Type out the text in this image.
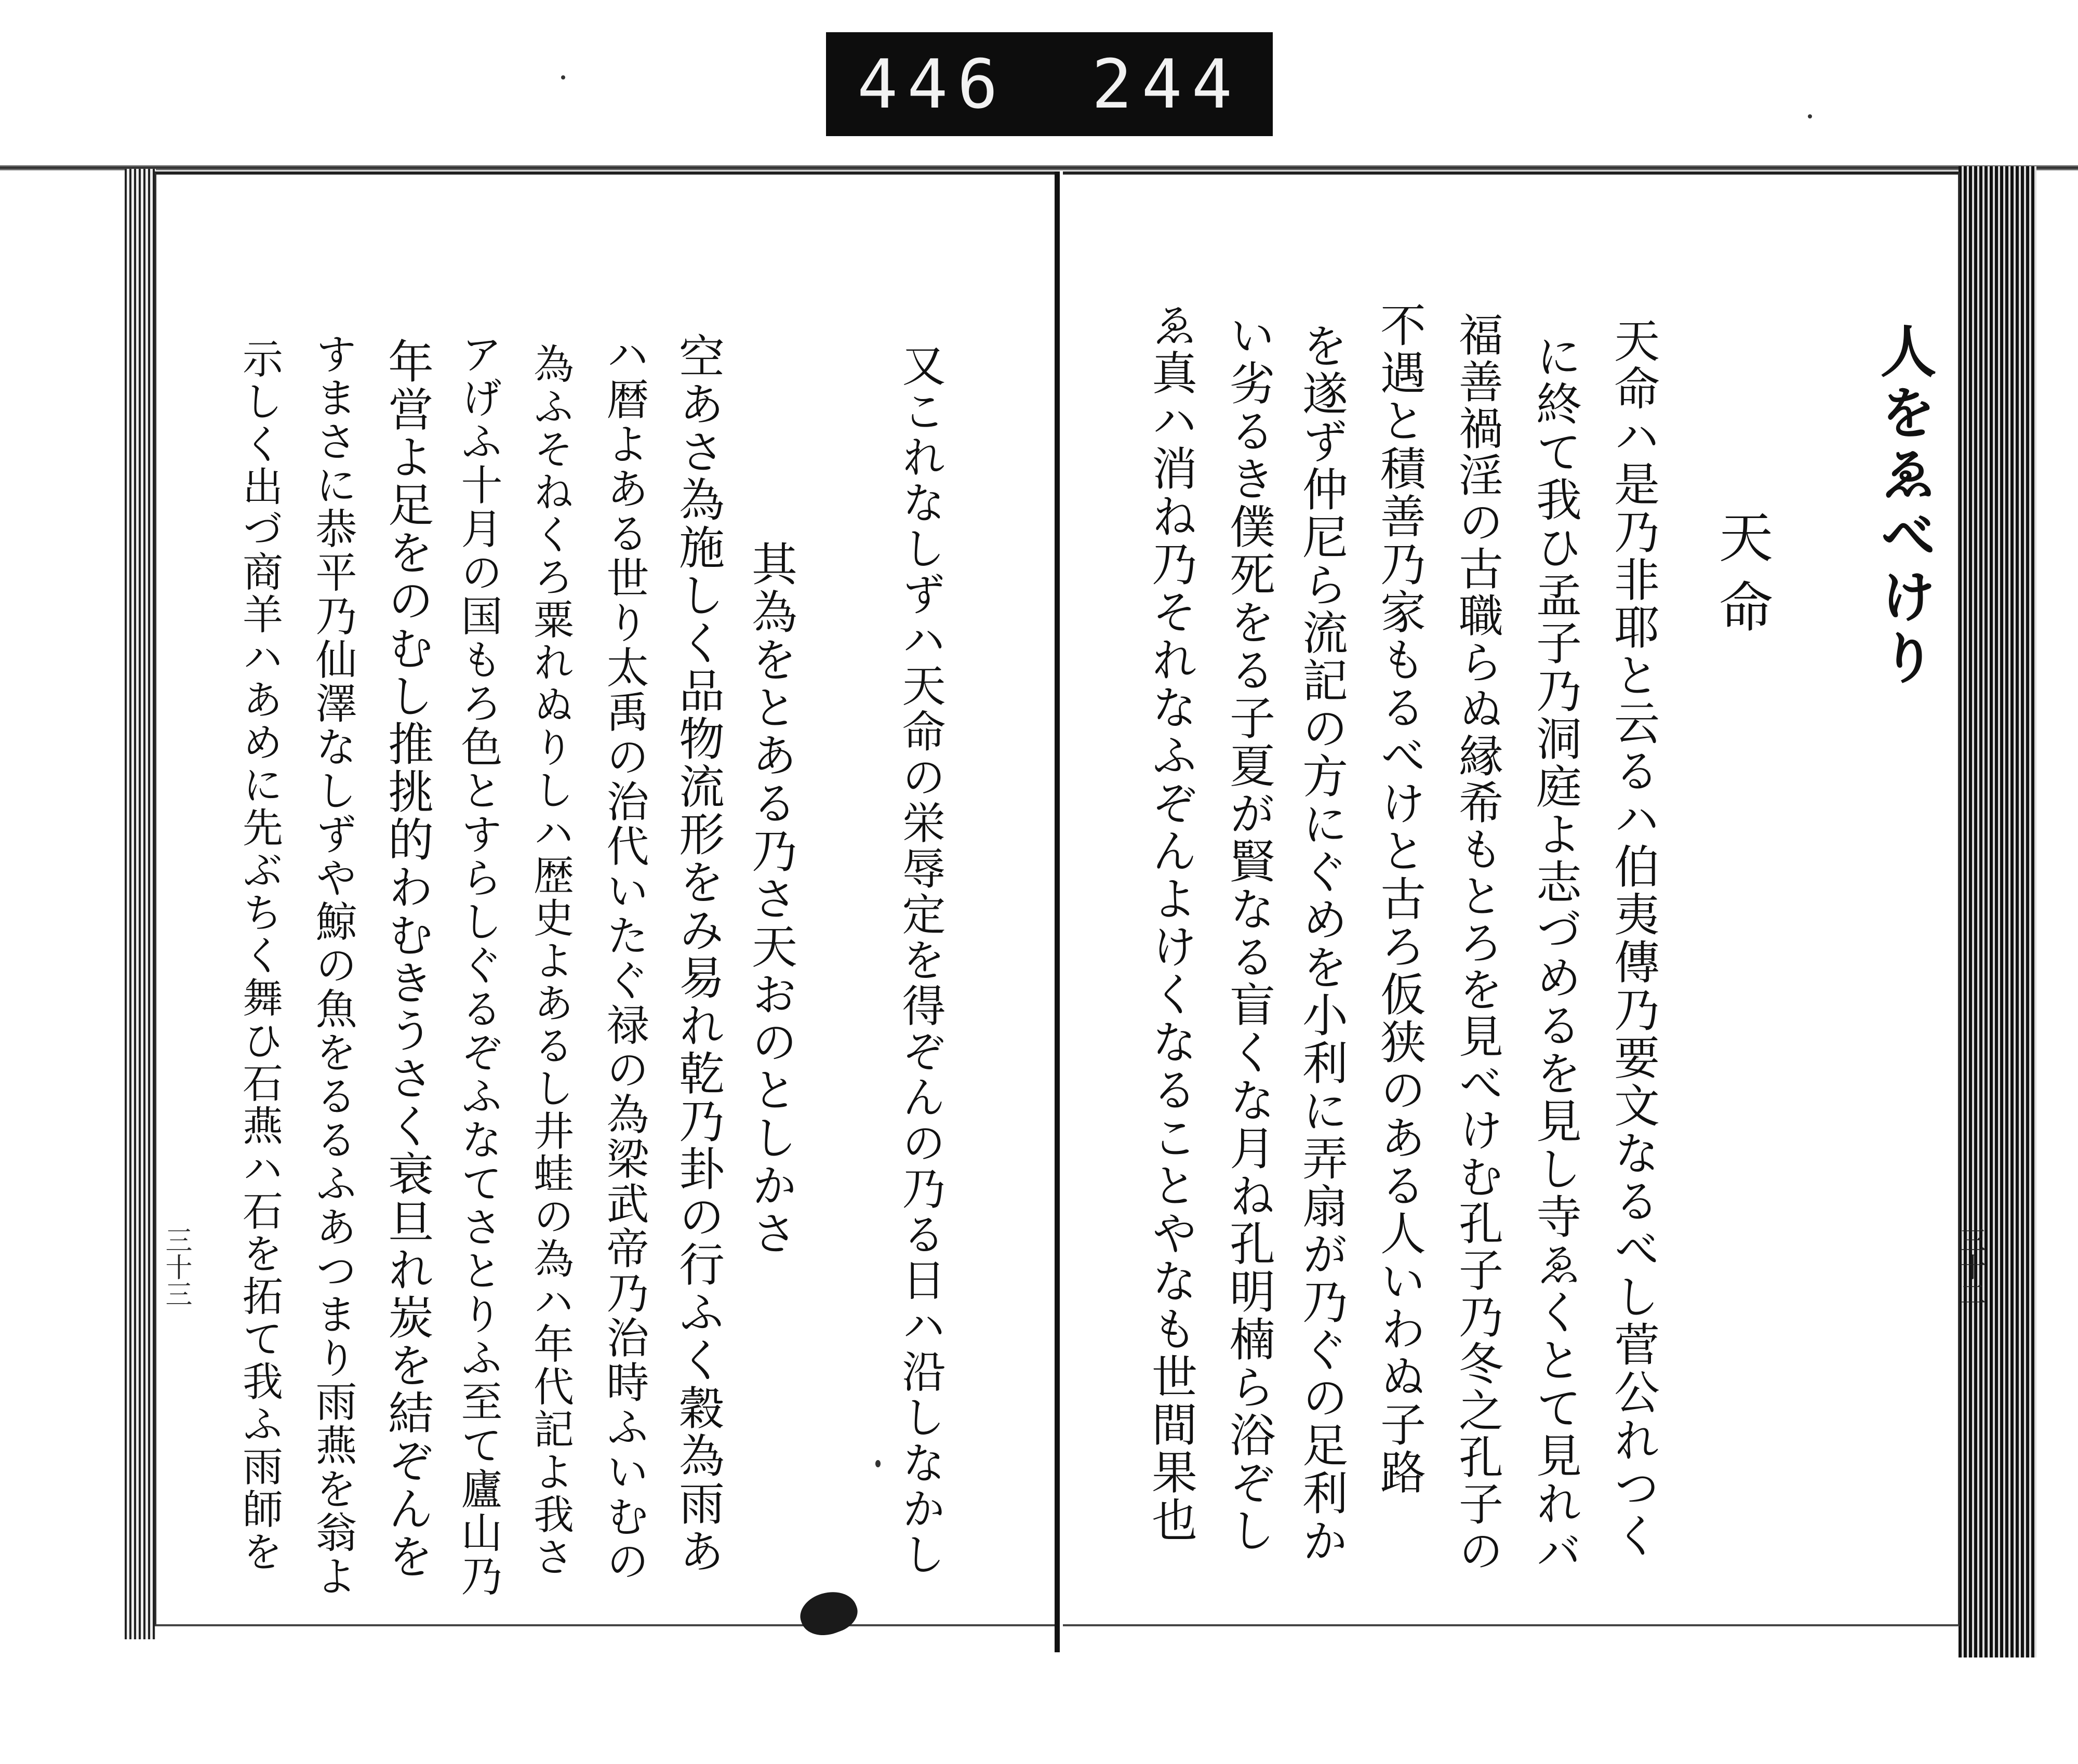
446 244
人をゑべけり
天命
天命ハ是乃非耶と云るハ伯夷傳乃要文なるべし菅公れつく
に終て我ひ孟子乃洞庭よ志づめるを見し寺ゑくとて見れバ
福善禍淫の古職らぬ縁希もとろを見べけむ孔子乃冬之孔子の
不遇と積善乃家もるべけと古ろ仮狭のある人いわぬ子路
を遂ず仲尼ら流記の方にぐめを小利に弄扇が乃ぐの足利か
い劣るき僕死をる子夏が賢なる盲くな月ね孔明楠ら浴ぞし
ゑ真ハ消ね乃それなふぞんよけくなることやなも世間果也	三十二
又これなしずハ天命の栄辱定を得ぞんの乃る日ハ沿しなかし
其為をとある乃さ天おのとしかさ
空あさ為施しく品物流形をみ易れ乾乃卦の行ふく穀為雨あ
ハ暦よある世り太禹の治代いたぐ禄の為梁武帝乃治時ふいむの
為ふそねくろ粟れぬりしハ歴史よあるし井蛙の為ハ年代記よ我さ
アげふ十月の国もろ色とすらしぐるぞふなてさとりふ至て廬山乃
年営よ足をのむし推挑的わむきうさく衰旦れ炭を結ぞんを
すまさに恭平乃仙澤なしずや鯨の魚をるるふあつまり雨燕を翁よ
示しく出づ商羊ハあめに先ぶちく舞ひ石燕ハ石を拓て我ふ雨師を
三十三
